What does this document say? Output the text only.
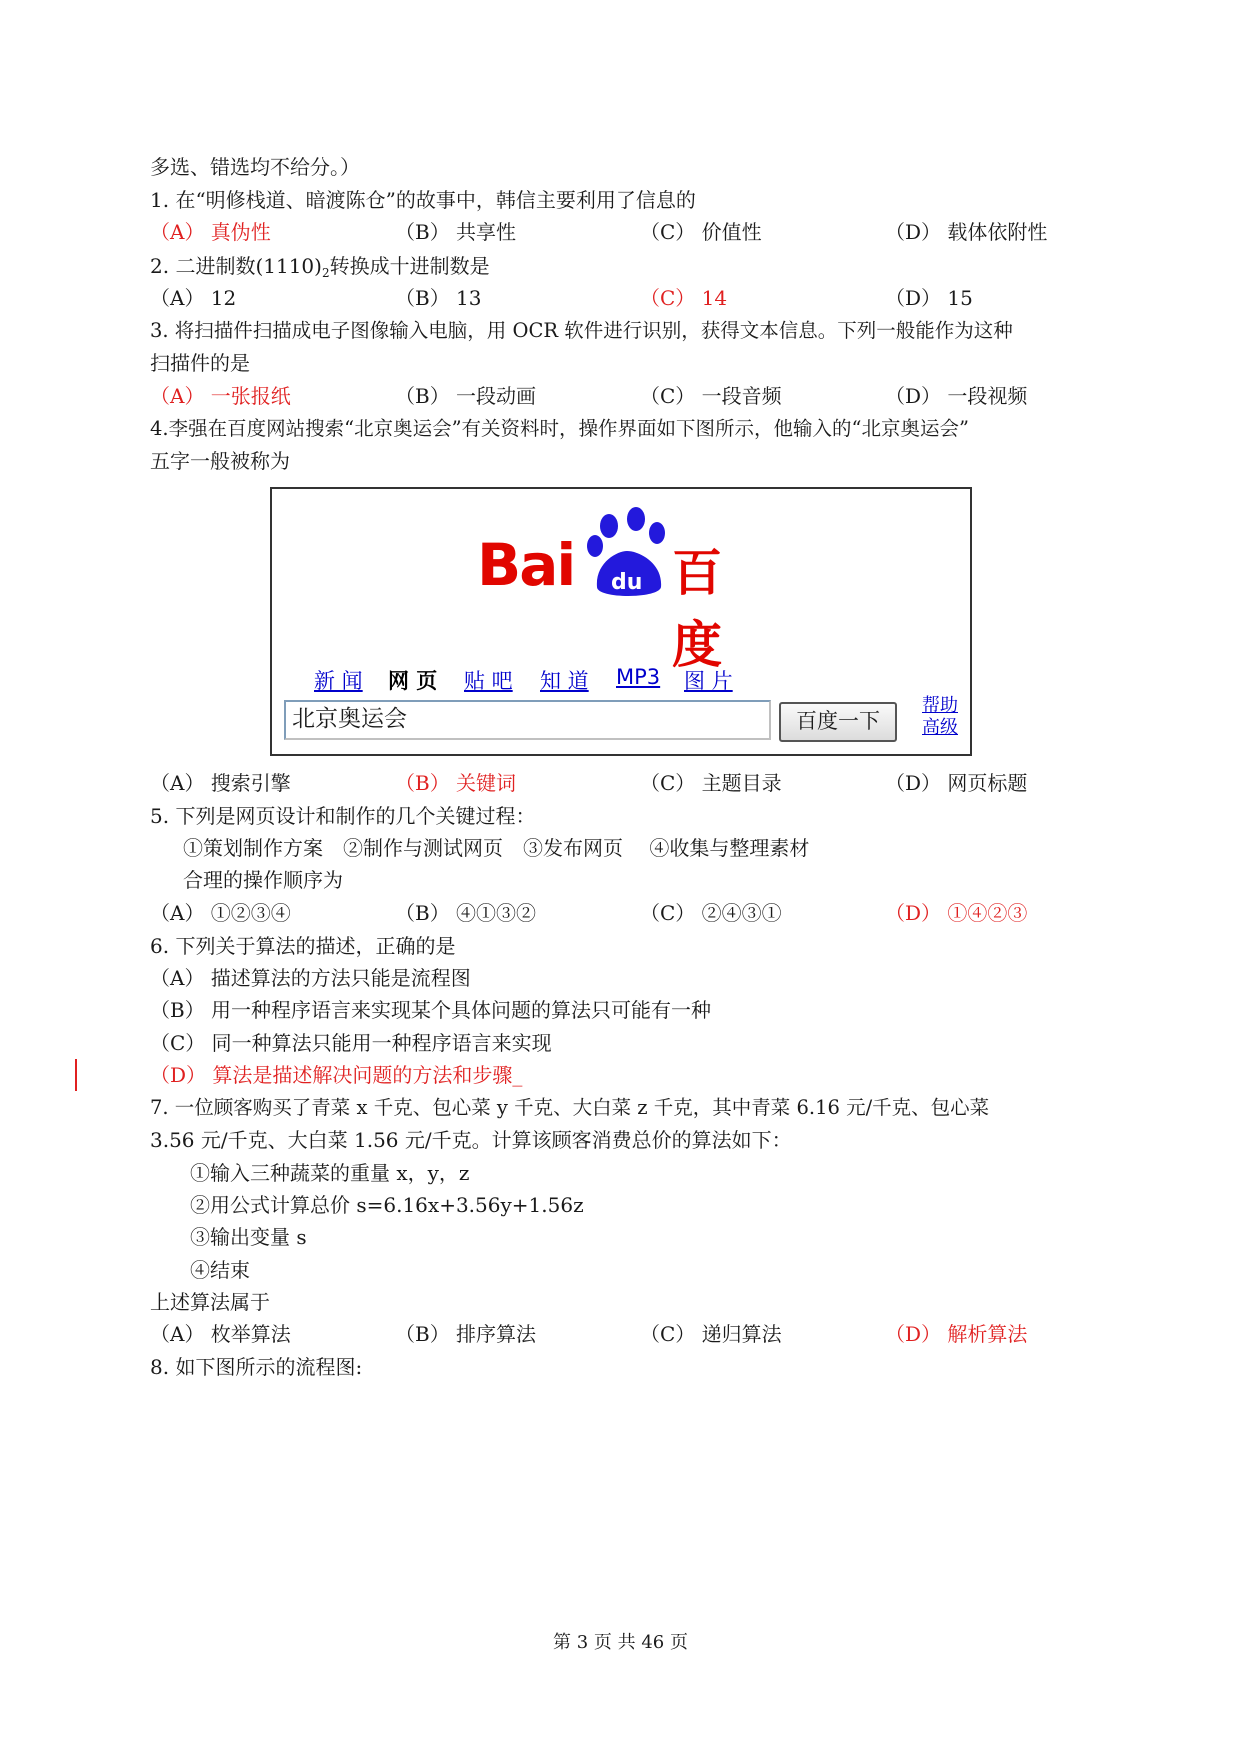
多选、错选均不给分。）
1. 在“明修栈道、暗渡陈仓”的故事中，韩信主要利用了信息的
（A） 真伪性	（B） 共享性	（C） 价值性	（D） 载体依附性
2. 二进制数$(1110)_2$转换成十进制数是
（A） 12	（B） 13	（C） 14	（D） 15
3. 将扫描件扫描成电子图像输入电脑，用 OCR 软件进行识别，获得文本信息。下列一般能作为这种
扫描件的是
（A） 一张报纸	（B） 一段动画	（C） 一段音频	（D） 一段视频
4.李强在百度网站搜索“北京奥运会”有关资料时，操作界面如下图所示，他输入的“北京奥运会”
五字一般被称为
Bai du 百度
新 闻 网 页 贴 吧 知 道 MP3 图 片
北京奥运会	百度一下
帮助
高级
（A） 搜索引擎	（B） 关键词	（C） 主题目录	（D） 网页标题
5. 下列是网页设计和制作的几个关键过程：
①策划制作方案　②制作与测试网页　③发布网页　 ④收集与整理素材
合理的操作顺序为
（A） ①②③④	（B） ④①③②	（C） ②④③①	（D） ①④②③
6. 下列关于算法的描述，正确的是
（A） 描述算法的方法只能是流程图
（B） 用一种程序语言来实现某个具体问题的算法只可能有一种
（C） 同一种算法只能用一种程序语言来实现
（D） 算法是描述解决问题的方法和步骤_
7. 一位顾客购买了青菜 x 千克、包心菜 y 千克、大白菜 z 千克，其中青菜 6.16 元/千克、包心菜
3.56 元/千克、大白菜 1.56 元/千克。计算该顾客消费总价的算法如下：
①输入三种蔬菜的重量 x，y，z
②用公式计算总价 s=6.16x+3.56y+1.56z
③输出变量 s
④结束
上述算法属于
（A） 枚举算法	（B） 排序算法	（C） 递归算法	（D） 解析算法
8. 如下图所示的流程图:
第 3 页 共 46 页
